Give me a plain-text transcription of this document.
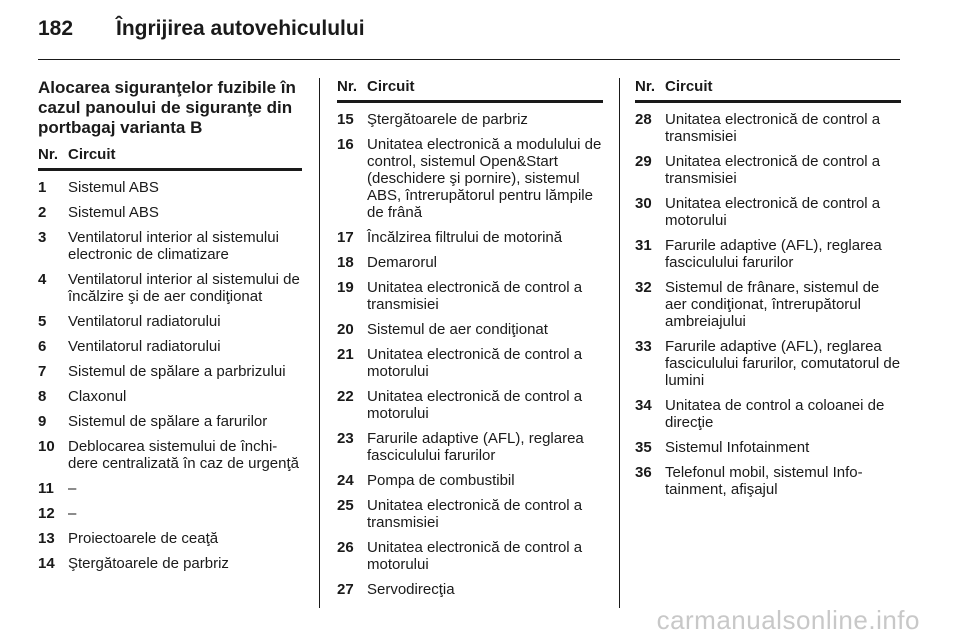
182	Îngrijirea autovehiculului
Alocarea siguranţelor fuzibile în cazul panoului de siguranţe din portbagaj varianta B
Nr. Circuit
1	Sistemul ABS
2	Sistemul ABS
3	Ventilatorul interior al sistemului electronic de climatizare
4	Ventilatorul interior al sistemului de încălzire şi de aer condiţionat
5	Ventilatorul radiatorului
6	Ventilatorul radiatorului
7	Sistemul de spălare a parbrizului
8	Claxonul
9	Sistemul de spălare a farurilor
10 Deblocarea sistemului de închi-dere centralizată în caz de urgenţă
11 –
12 –
13 Proiectoarele de ceaţă
14 Ştergătoarele de parbriz
Nr. Circuit
15 Ştergătoarele de parbriz
16 Unitatea electronică a modulului de control, sistemul Open&Start (deschidere şi pornire), sistemul ABS, întrerupătorul pentru lămpile de frână
17 Încălzirea filtrului de motorină
18 Demarorul
19 Unitatea electronică de control a transmisiei
20 Sistemul de aer condiţionat
21 Unitatea electronică de control a motorului
22 Unitatea electronică de control a motorului
23 Farurile adaptive (AFL), reglarea fasciculului farurilor
24 Pompa de combustibil
25 Unitatea electronică de control a transmisiei
26 Unitatea electronică de control a motorului
27 Servodirecţia
Nr. Circuit
28 Unitatea electronică de control a transmisiei
29 Unitatea electronică de control a transmisiei
30 Unitatea electronică de control a motorului
31 Farurile adaptive (AFL), reglarea fasciculului farurilor
32 Sistemul de frânare, sistemul de aer condiţionat, întrerupătorul ambreiajului
33 Farurile adaptive (AFL), reglarea fasciculului farurilor, comutatorul de lumini
34 Unitatea de control a coloanei de direcţie
35 Sistemul Infotainment
36 Telefonul mobil, sistemul Info-tainment, afişajul
carmanualsonline.info
